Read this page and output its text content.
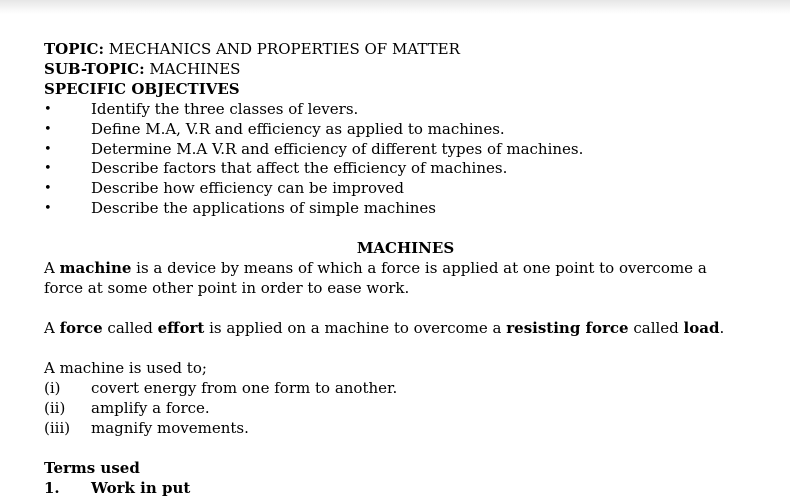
TOPIC: MECHANICS AND PROPERTIES OF MATTER
SUB-TOPIC: MACHINES
SPECIFIC OBJECTIVES
•	Identify the three classes of levers.
•	Define M.A, V.R and efficiency as applied to machines.
•	Determine M.A V.R and efficiency of different types of machines.
•	Describe factors that affect the efficiency of machines.
•	Describe how efficiency can be improved
•	Describe the applications of simple machines
MACHINES
A machine is a device by means of which a force is applied at one point to overcome a
force at some other point in order to ease work.
A force called effort is applied on a machine to overcome a resisting force called load.
A machine is used to;
(i) covert energy from one form to another.
(ii) amplify a force.
(iii) magnify movements.
Terms used
1. Work in put
